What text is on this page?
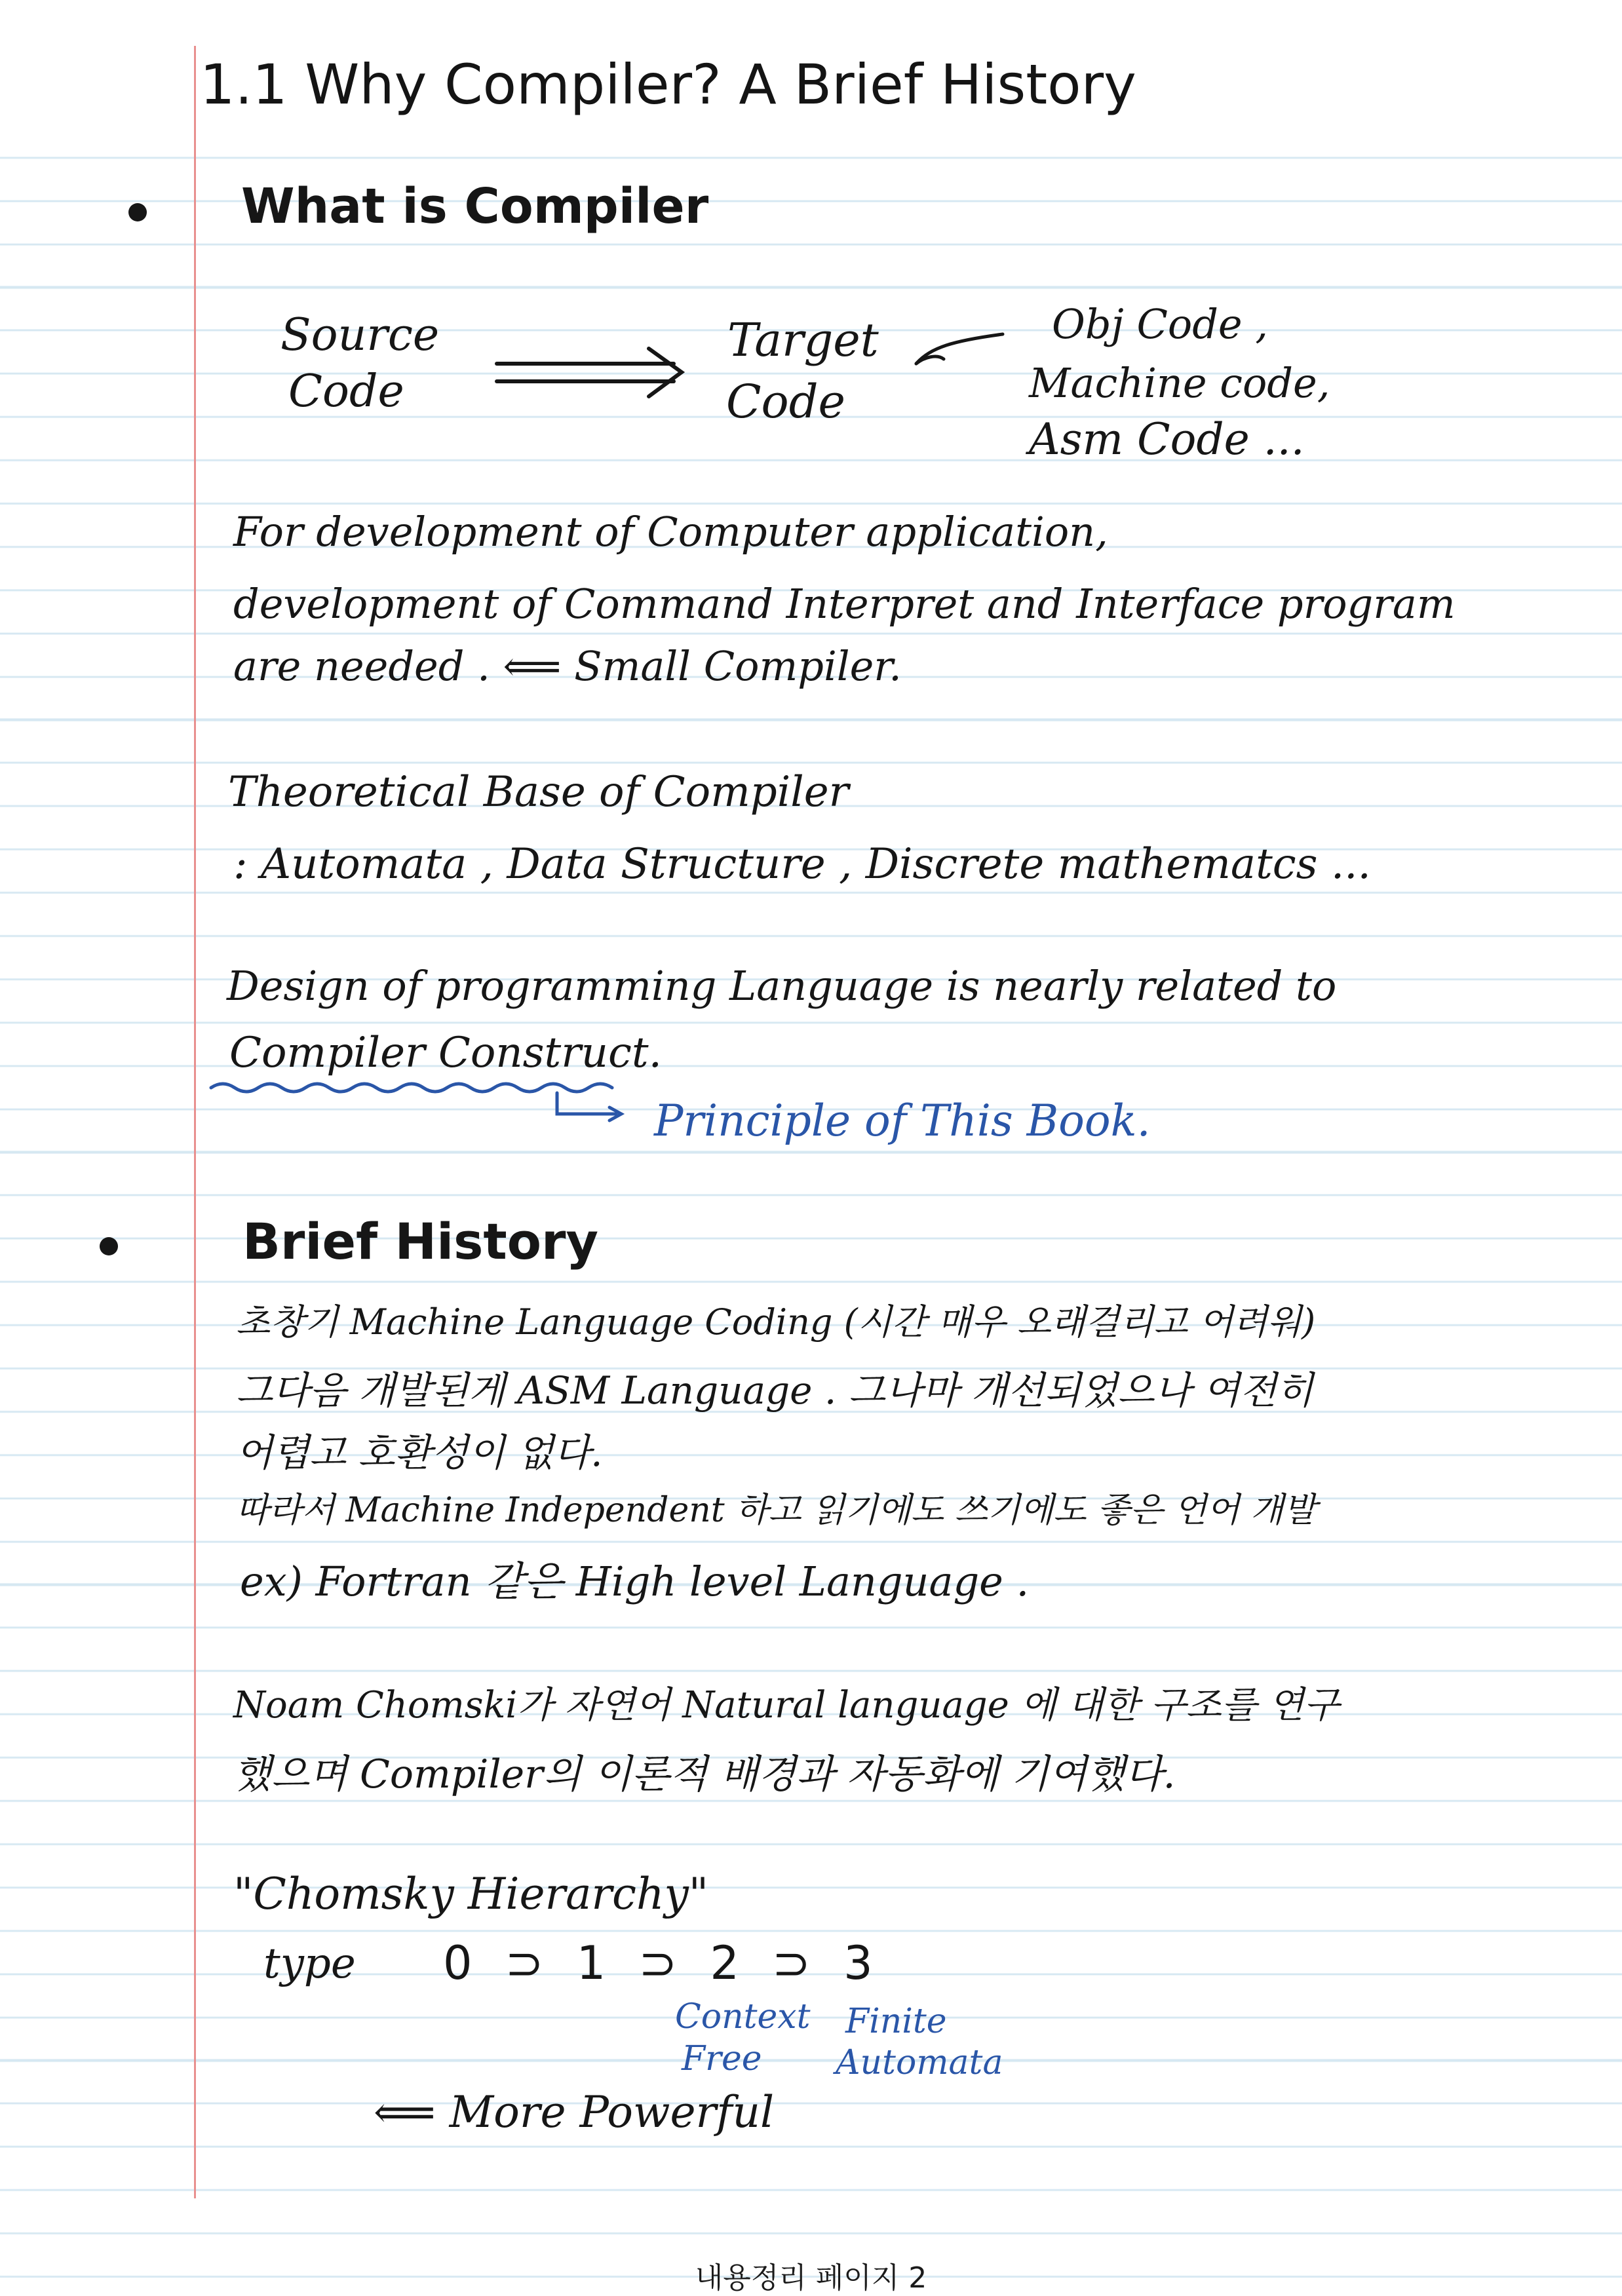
1.1 Why Compiler? A Brief History
What is Compiler
Source
Code
Target
Code
Obj Code ,
Machine code,
Asm Code ...
For development of Computer application,
development of Command Interpret and Interface program
are needed . ⟸ Small Compiler.
Theoretical Base of Compiler
: Automata , Data Structure , Discrete mathematcs ...
Design of programming Language is nearly related to
Compiler Construct.
Principle of This Book.
Brief History
초창기 Machine Language Coding (시간 매우 오래걸리고 어려워)
그다음 개발된게 ASM Language . 그나마 개선되었으나 여전히
어렵고 호환성이 없다.
따라서 Machine Independent 하고 읽기에도 쓰기에도 좋은 언어 개발
ex) Fortran 같은 High level Language .
Noam Chomski가 자연어 Natural language 에 대한 구조를 연구
했으며 Compiler의 이론적 배경과 자동화에 기여했다.
"Chomsky Hierarchy"
type 0 ⊃ 1 ⊃ 2 ⊃ 3
Context
Free
Finite
Automata
⟸ More Powerful
내용정리 페이지 2
